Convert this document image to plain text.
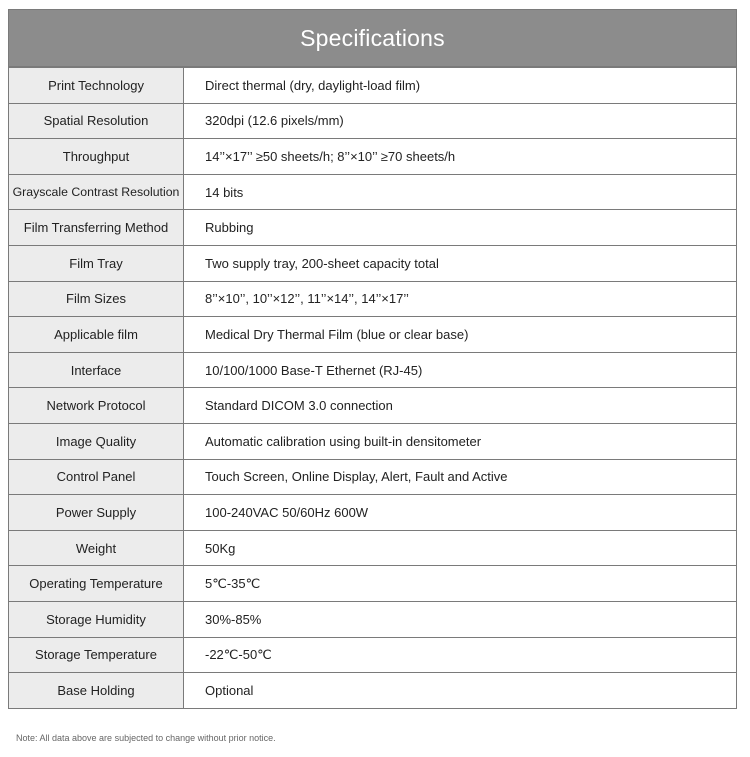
Specifications
Print Technology	Direct thermal (dry, daylight-load film)
Spatial Resolution	320dpi (12.6 pixels/mm)
Throughput	14’’×17’’ ≥50 sheets/h; 8’’×10’’ ≥70 sheets/h
Grayscale Contrast Resolution	14 bits
Film Transferring Method	Rubbing
Film Tray	Two supply tray, 200-sheet capacity total
Film Sizes	8’’×10’’, 10’’×12’’, 11’’×14’’, 14’’×17’’
Applicable film	Medical Dry Thermal Film (blue or clear base)
Interface	10/100/1000 Base-T Ethernet (RJ-45)
Network Protocol	Standard DICOM 3.0 connection
Image Quality	Automatic calibration using built-in densitometer
Control Panel	Touch Screen, Online Display, Alert, Fault and Active
Power Supply	100-240VAC 50/60Hz 600W
Weight	50Kg
Operating Temperature	5℃-35℃
Storage Humidity	30%-85%
Storage Temperature	-22℃-50℃
Base Holding	Optional
Note: All data above are subjected to change without prior notice.
